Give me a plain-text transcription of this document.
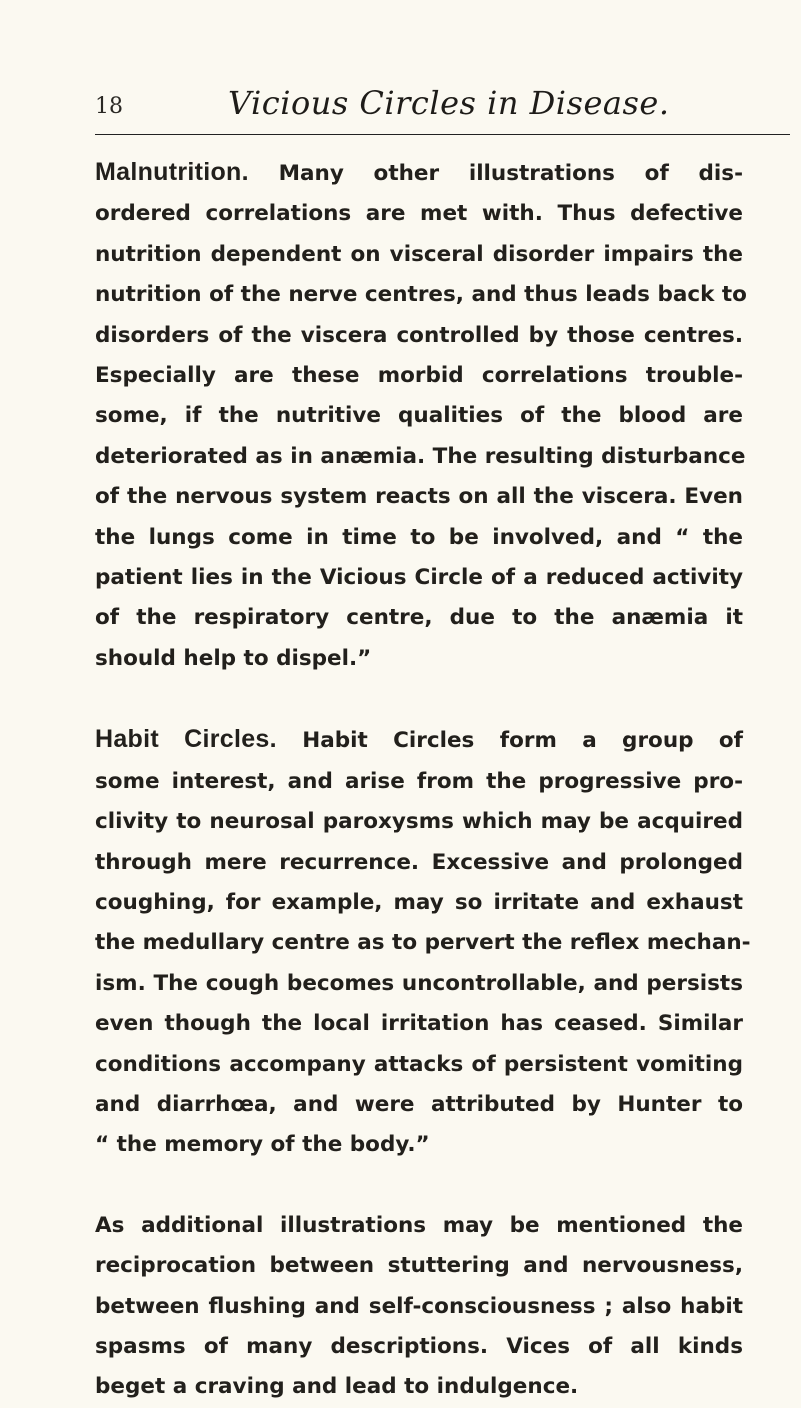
18	Vicious Circles in Disease.

Malnutrition. Many other illustrations of dis-
ordered correlations are met with. Thus defective
nutrition dependent on visceral disorder impairs the
nutrition of the nerve centres, and thus leads back to
disorders of the viscera controlled by those centres.
Especially are these morbid correlations trouble-
some, if the nutritive qualities of the blood are
deteriorated as in anæmia. The resulting disturbance
of the nervous system reacts on all the viscera. Even
the lungs come in time to be involved, and “ the
patient lies in the Vicious Circle of a reduced activity
of the respiratory centre, due to the anæmia it
should help to dispel.”

Habit Circles. Habit Circles form a group of
some interest, and arise from the progressive pro-
clivity to neurosal paroxysms which may be acquired
through mere recurrence. Excessive and prolonged
coughing, for example, may so irritate and exhaust
the medullary centre as to pervert the reflex mechan-
ism. The cough becomes uncontrollable, and persists
even though the local irritation has ceased. Similar
conditions accompany attacks of persistent vomiting
and diarrhœa, and were attributed by Hunter to
“ the memory of the body.”

As additional illustrations may be mentioned the
reciprocation between stuttering and nervousness,
between flushing and self-consciousness ; also habit
spasms of many descriptions. Vices of all kinds
beget a craving and lead to indulgence.
